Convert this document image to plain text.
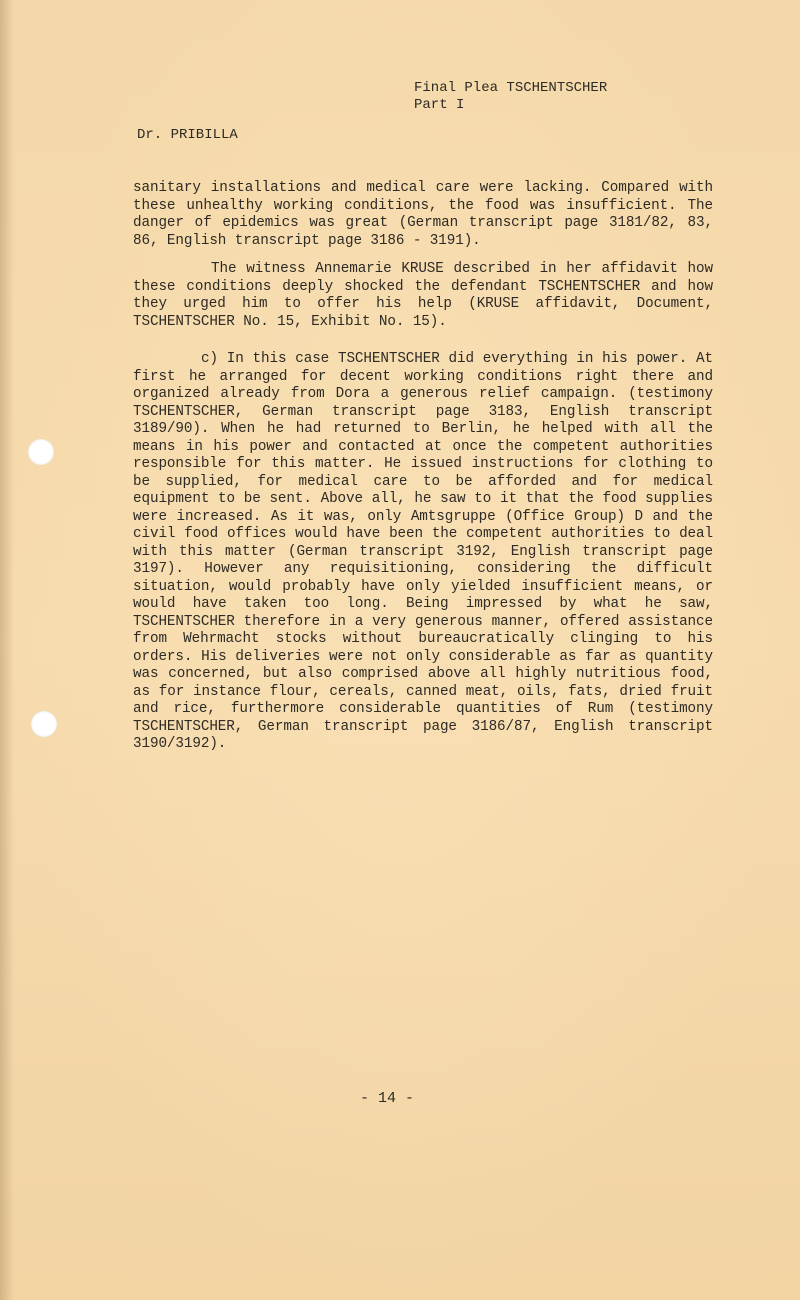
Final Plea TSCHENTSCHER
Part I
Dr. PRIBILLA
sanitary installations and medical care were lacking. Compared with these unhealthy working conditions, the food was insufficient. The danger of epidemics was great (German transcript page 3181/82, 83, 86, English transcript page 3186 - 3191).
The witness Annemarie KRUSE described in her affidavit how these conditions deeply shocked the defendant TSCHENTSCHER and how they urged him to offer his help (KRUSE affidavit, Document, TSCHENTSCHER No. 15, Exhibit No. 15).
c) In this case TSCHENTSCHER did everything in his power. At first he arranged for decent working conditions right there and organized already from Dora a generous relief campaign. (testimony TSCHENTSCHER, German transcript page 3183, English transcript 3189/90). When he had returned to Berlin, he helped with all the means in his power and contacted at once the competent authorities responsible for this matter. He issued instructions for clothing to be supplied, for medical care to be afforded and for medical equipment to be sent. Above all, he saw to it that the food supplies were increased. As it was, only Amtsgruppe (Office Group) D and the civil food offices would have been the competent authorities to deal with this matter (German transcript 3192, English transcript page 3197). However any requisitioning, considering the difficult situation, would probably have only yielded insufficient means, or would have taken too long. Being impressed by what he saw, TSCHENTSCHER therefore in a very generous manner, offered assistance from Wehrmacht stocks without bureaucratically clinging to his orders. His deliveries were not only considerable as far as quantity was concerned, but also comprised above all highly nutritious food, as for instance flour, cereals, canned meat, oils, fats, dried fruit and rice, furthermore considerable quantities of Rum (testimony TSCHENTSCHER, German transcript page 3186/87, English transcript 3190/3192).
- 14 -
